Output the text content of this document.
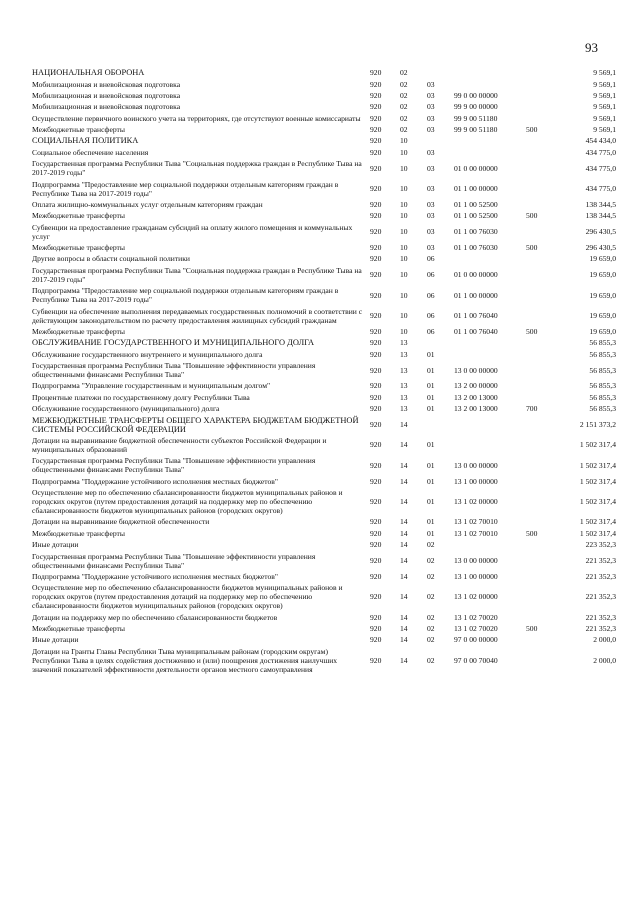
93
НАЦИОНАЛЬНАЯ ОБОРОНА	920	02				9 569,1
Мобилизационная и вневойсковая подготовка	920	02	03			9 569,1
Мобилизационная и вневойсковая подготовка	920	02	03	99 0 00 00000		9 569,1
Мобилизационная и вневойсковая подготовка	920	02	03	99 9 00 00000		9 569,1
Осуществление первичного воинского учета на территориях, где отсутствуют военные комиссариаты	920	02	03	99 9 00 51180		9 569,1
Межбюджетные трансферты	920	02	03	99 9 00 51180	500	9 569,1
СОЦИАЛЬНАЯ ПОЛИТИКА	920	10				454 434,0
Социальное обеспечение населения	920	10	03			434 775,0
Государственная программа Республики Тыва "Социальная поддержка граждан в Республике Тыва на 2017-2019 годы"	920	10	03	01 0 00 00000		434 775,0
Подпрограмма "Предоставление мер социальной поддержки отдельным категориям граждан в Республике Тыва на 2017-2019 годы"	920	10	03	01 1 00 00000		434 775,0
Оплата жилищно-коммунальных услуг отдельным категориям граждан	920	10	03	01 1 00 52500		138 344,5
Межбюджетные трансферты	920	10	03	01 1 00 52500	500	138 344,5
Субвенции на предоставление гражданам субсидий на оплату жилого помещения и коммунальных услуг	920	10	03	01 1 00 76030		296 430,5
Межбюджетные трансферты	920	10	03	01 1 00 76030	500	296 430,5
Другие вопросы в области социальной политики	920	10	06			19 659,0
Государственная программа Республики Тыва "Социальная поддержка граждан в Республике Тыва на 2017-2019 годы"	920	10	06	01 0 00 00000		19 659,0
Подпрограмма "Предоставление мер социальной поддержки отдельным категориям граждан в Республике Тыва на 2017-2019 годы"	920	10	06	01 1 00 00000		19 659,0
Субвенции на обеспечение выполнения передаваемых государственных полномочий в соответствии с действующим законодательством по расчету предоставления жилищных субсидий гражданам	920	10	06	01 1 00 76040		19 659,0
Межбюджетные трансферты	920	10	06	01 1 00 76040	500	19 659,0
ОБСЛУЖИВАНИЕ ГОСУДАРСТВЕННОГО И МУНИЦИПАЛЬНОГО ДОЛГА	920	13				56 855,3
Обслуживание государственного внутреннего и муниципального долга	920	13	01			56 855,3
Государственная программа Республики Тыва "Повышение эффективности управления общественными финансами Республики Тыва"	920	13	01	13 0 00 00000		56 855,3
Подпрограмма "Управление государственным и муниципальным долгом"	920	13	01	13 2 00 00000		56 855,3
Процентные платежи по государственному долгу Республики Тыва	920	13	01	13 2 00 13000		56 855,3
Обслуживание государственного (муниципального) долга	920	13	01	13 2 00 13000	700	56 855,3
МЕЖБЮДЖЕТНЫЕ ТРАНСФЕРТЫ ОБЩЕГО ХАРАКТЕРА БЮДЖЕТАМ БЮДЖЕТНОЙ СИСТЕМЫ РОССИЙСКОЙ ФЕДЕРАЦИИ	920	14				2 151 373,2
Дотации на выравнивание бюджетной обеспеченности субъектов Российской Федерации и муниципальных образований	920	14	01			1 502 317,4
Государственная программа Республики Тыва "Повышение эффективности управления общественными финансами Республики Тыва"	920	14	01	13 0 00 00000		1 502 317,4
Подпрограмма "Поддержание устойчивого исполнения местных бюджетов"	920	14	01	13 1 00 00000		1 502 317,4
Осуществление мер по обеспечению сбалансированности бюджетов муниципальных районов и городских округов (путем предоставления дотаций на поддержку мер по обеспечению сбалансированности бюджетов муниципальных районов (городских округов)	920	14	01	13 1 02 00000		1 502 317,4
Дотации на выравнивание бюджетной обеспеченности	920	14	01	13 1 02 70010		1 502 317,4
Межбюджетные трансферты	920	14	01	13 1 02 70010	500	1 502 317,4
Иные дотации	920	14	02			223 352,3
Государственная программа Республики Тыва "Повышение эффективности управления общественными финансами Республики Тыва"	920	14	02	13 0 00 00000		221 352,3
Подпрограмма "Поддержание устойчивого исполнения местных бюджетов"	920	14	02	13 1 00 00000		221 352,3
Осуществление мер по обеспечению сбалансированности бюджетов муниципальных районов и городских округов (путем предоставления дотаций на поддержку мер по обеспечению сбалансированности бюджетов муниципальных районов (городских округов)	920	14	02	13 1 02 00000		221 352,3
Дотации на поддержку мер по обеспечению сбалансированности бюджетов	920	14	02	13 1 02 70020		221 352,3
Межбюджетные трансферты	920	14	02	13 1 02 70020	500	221 352,3
Иные дотации	920	14	02	97 0 00 00000		2 000,0
Дотации на Гранты Главы Республики Тыва муниципальным районам (городским округам) Республики Тыва в целях содействия достижению и (или) поощрения достижения наилучших значений показателей эффективности деятельности органов местного самоуправления	920	14	02	97 0 00 70040		2 000,0
